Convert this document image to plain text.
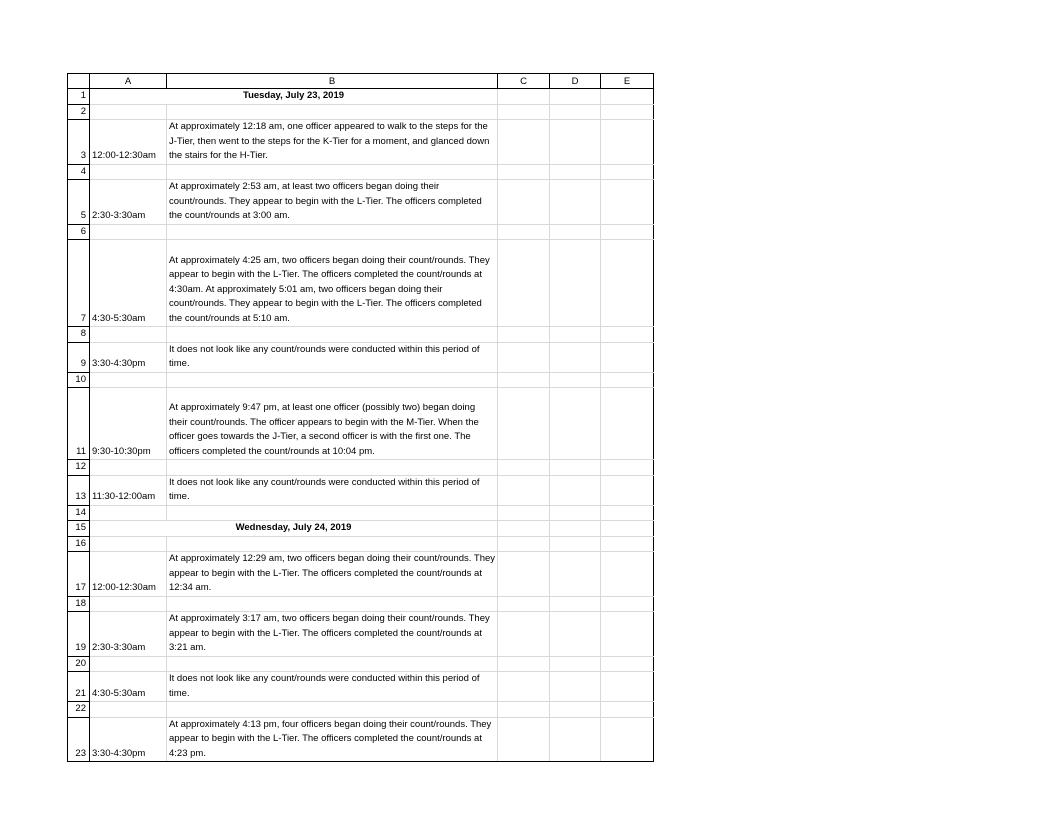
	A	B	C	D	E
1	Tuesday, July 23, 2019				
2					
3	12:00-12:30am	At approximately 12:18 am, one officer appeared to walk to the steps for the J-Tier, then went to the steps for the K-Tier for a moment, and glanced down the stairs for the H-Tier.			
4					
5	2:30-3:30am	At approximately 2:53 am, at least two officers began doing their count/rounds. They appear to begin with the L-Tier. The officers completed the count/rounds at 3:00 am.			
6					
7	4:30-5:30am	At approximately 4:25 am, two officers began doing their count/rounds. They appear to begin with the L-Tier. The officers completed the count/rounds at 4:30am. At approximately 5:01 am, two officers began doing their count/rounds. They appear to begin with the L-Tier. The officers completed the count/rounds at 5:10 am.			
8					
9	3:30-4:30pm	It does not look like any count/rounds were conducted within this period of time.			
10					
11	9:30-10:30pm	At approximately 9:47 pm, at least one officer (possibly two) began doing their count/rounds. The officer appears to begin with the M-Tier. When the officer goes towards the J-Tier, a second officer is with the first one. The officers completed the count/rounds at 10:04 pm.			
12					
13	11:30-12:00am	It does not look like any count/rounds were conducted within this period of time.			
14					
15	Wednesday, July 24, 2019				
16					
17	12:00-12:30am	At approximately 12:29 am, two officers began doing their count/rounds. They appear to begin with the L-Tier. The officers completed the count/rounds at 12:34 am.			
18					
19	2:30-3:30am	At approximately 3:17 am, two officers began doing their count/rounds. They appear to begin with the L-Tier. The officers completed the count/rounds at 3:21 am.			
20					
21	4:30-5:30am	It does not look like any count/rounds were conducted within this period of time.			
22					
23	3:30-4:30pm	At approximately 4:13 pm, four officers began doing their count/rounds. They appear to begin with the L-Tier. The officers completed the count/rounds at 4:23 pm.			
